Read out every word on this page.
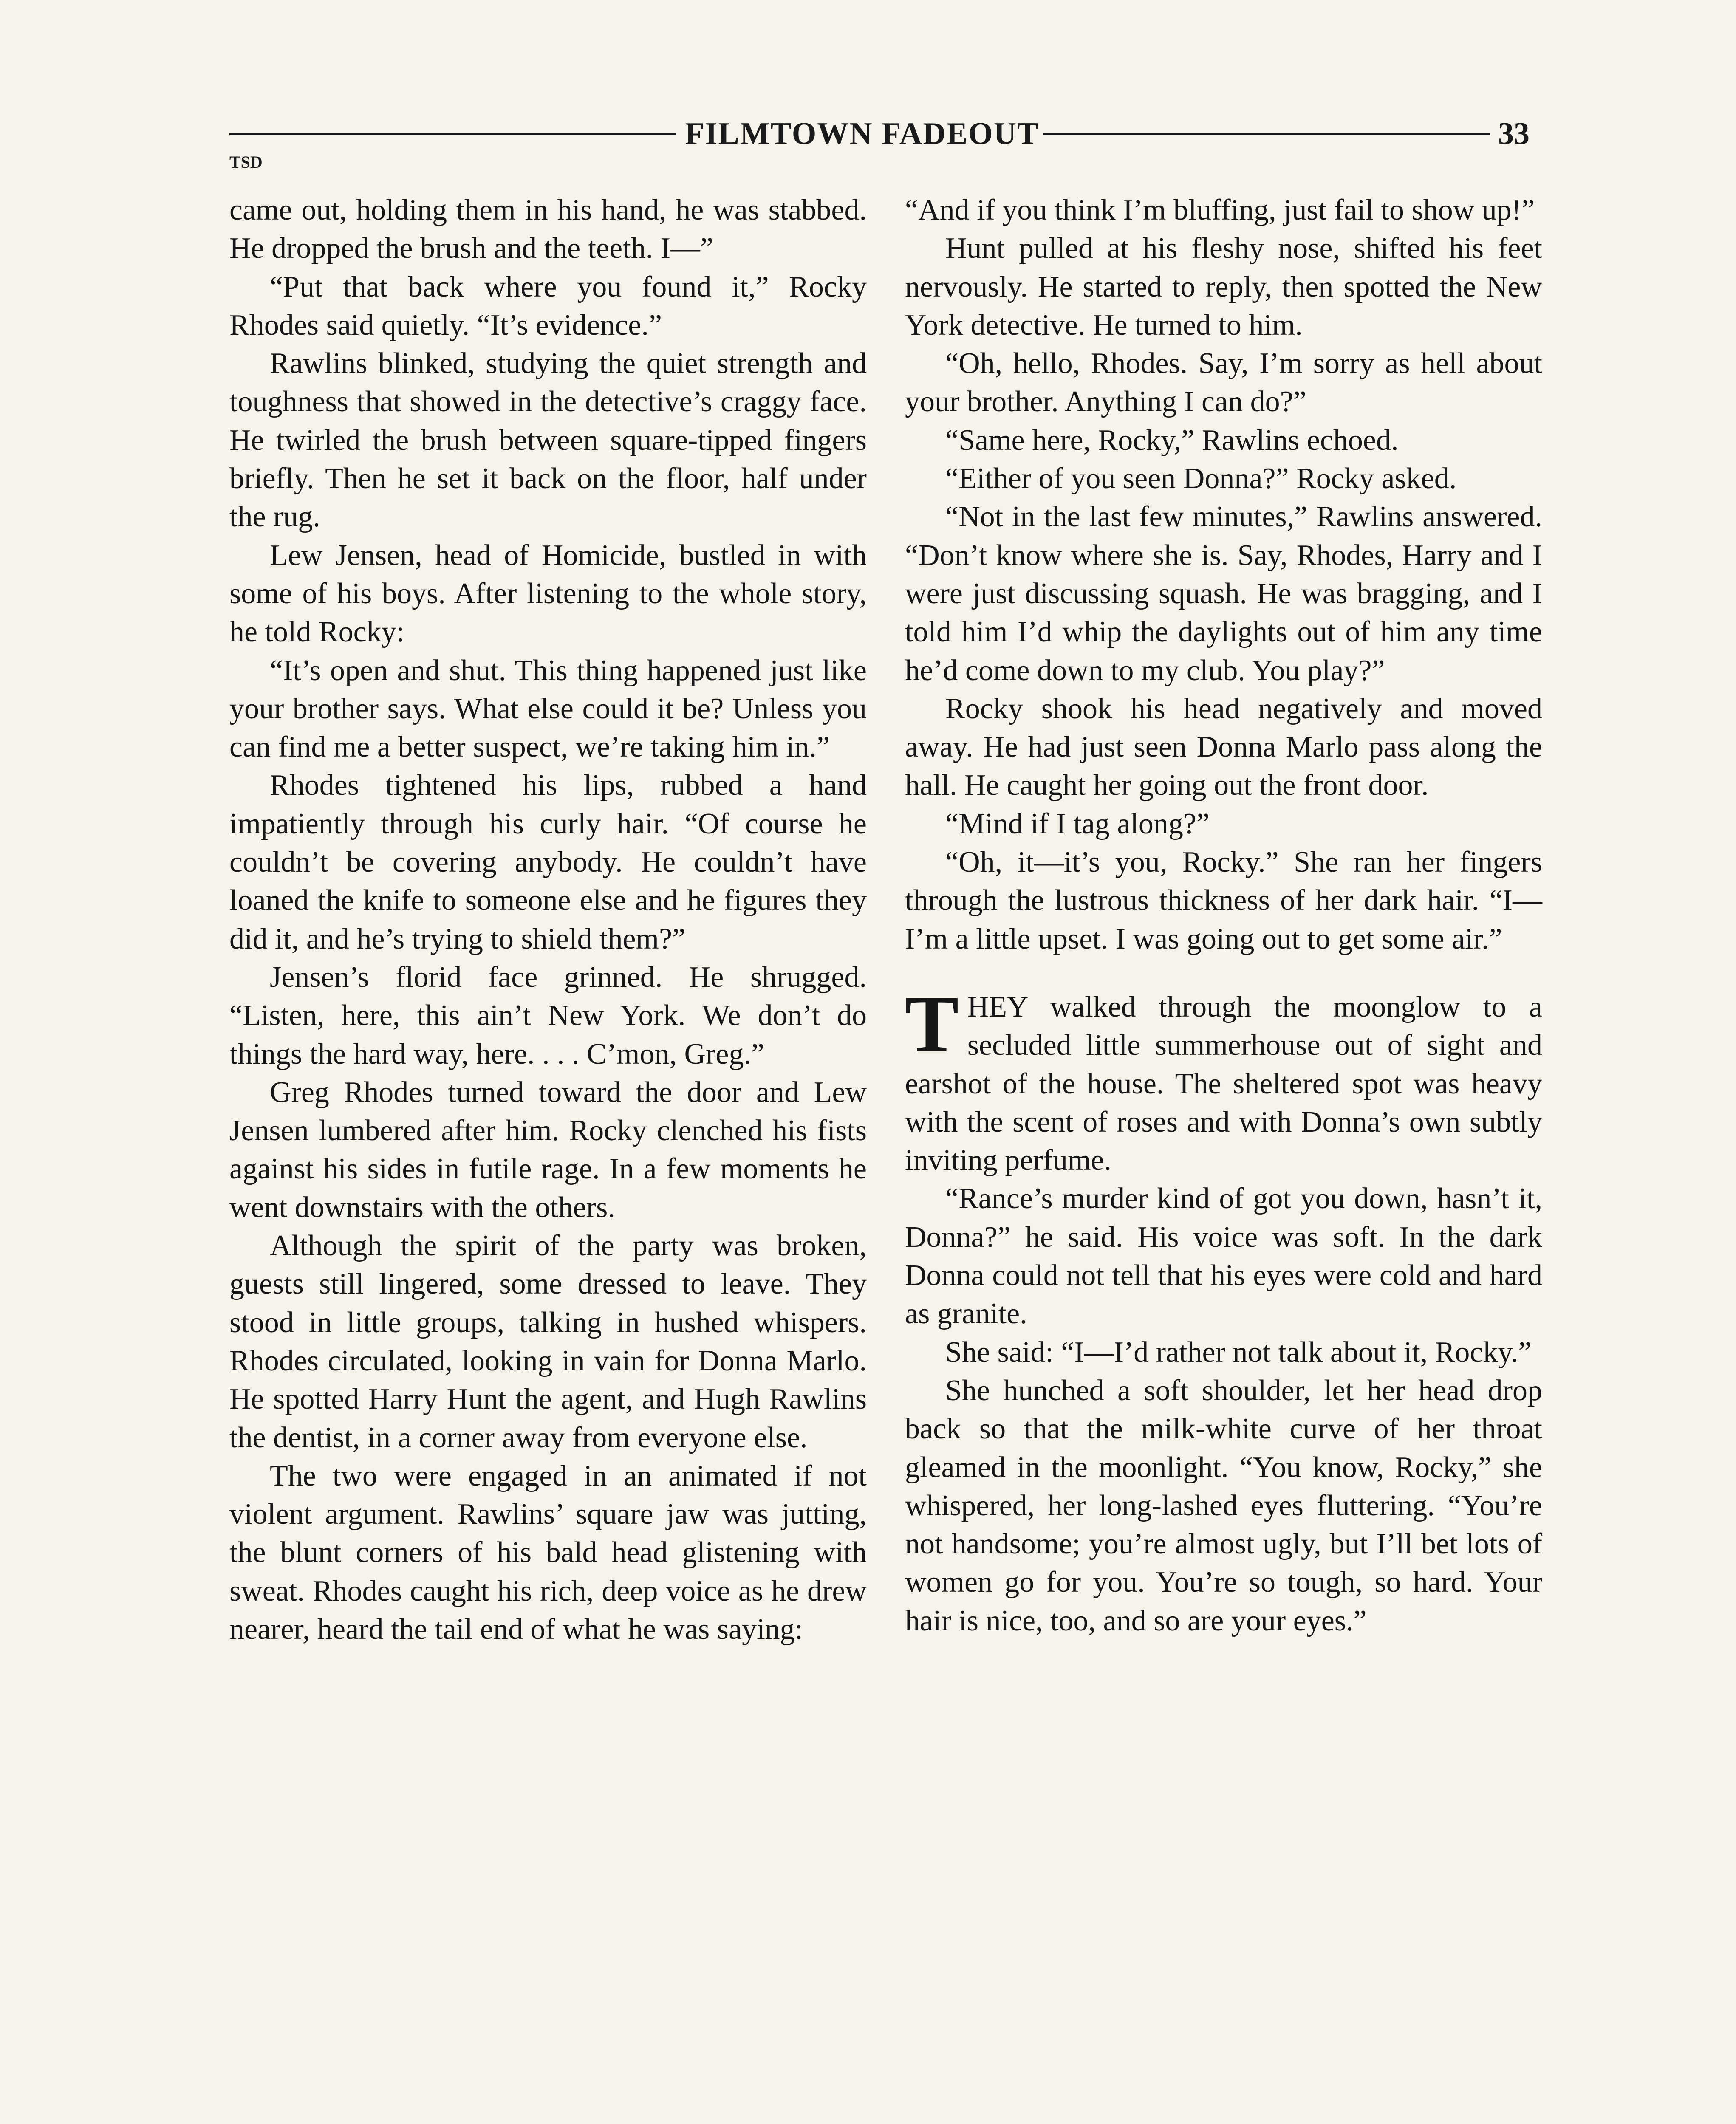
FILMTOWN FADEOUT	33
TSD

came out, holding them in his hand, he was stabbed. He dropped the brush and the teeth. I—”

“Put that back where you found it,” Rocky Rhodes said quietly. “It’s evidence.”

Rawlins blinked, studying the quiet strength and toughness that showed in the detective’s craggy face. He twirled the brush between square-tipped fingers briefly. Then he set it back on the floor, half under the rug.

Lew Jensen, head of Homicide, bustled in with some of his boys. After listening to the whole story, he told Rocky:

“It’s open and shut. This thing happened just like your brother says. What else could it be? Unless you can find me a better suspect, we’re taking him in.”

Rhodes tightened his lips, rubbed a hand impatiently through his curly hair. “Of course he couldn’t be covering anybody. He couldn’t have loaned the knife to someone else and he figures they did it, and he’s trying to shield them?”

Jensen’s florid face grinned. He shrugged. “Listen, here, this ain’t New York. We don’t do things the hard way, here. . . . C’mon, Greg.”

Greg Rhodes turned toward the door and Lew Jensen lumbered after him. Rocky clenched his fists against his sides in futile rage. In a few moments he went downstairs with the others.

Although the spirit of the party was broken, guests still lingered, some dressed to leave. They stood in little groups, talking in hushed whispers. Rhodes circulated, looking in vain for Donna Marlo. He spotted Harry Hunt the agent, and Hugh Rawlins the dentist, in a corner away from everyone else.

The two were engaged in an animated if not violent argument. Rawlins’ square jaw was jutting, the blunt corners of his bald head glistening with sweat. Rhodes caught his rich, deep voice as he drew nearer, heard the tail end of what he was saying:

“And if you think I’m bluffing, just fail to show up!”

Hunt pulled at his fleshy nose, shifted his feet nervously. He started to reply, then spotted the New York detective. He turned to him.

“Oh, hello, Rhodes. Say, I’m sorry as hell about your brother. Anything I can do?”

“Same here, Rocky,” Rawlins echoed.

“Either of you seen Donna?” Rocky asked.

“Not in the last few minutes,” Rawlins answered. “Don’t know where she is. Say, Rhodes, Harry and I were just discussing squash. He was bragging, and I told him I’d whip the daylights out of him any time he’d come down to my club. You play?”

Rocky shook his head negatively and moved away. He had just seen Donna Marlo pass along the hall. He caught her going out the front door.

“Mind if I tag along?”

“Oh, it—it’s you, Rocky.” She ran her fingers through the lustrous thickness of her dark hair. “I—I’m a little upset. I was going out to get some air.”

THEY walked through the moonglow to a secluded little summerhouse out of sight and earshot of the house. The sheltered spot was heavy with the scent of roses and with Donna’s own subtly inviting perfume.

“Rance’s murder kind of got you down, hasn’t it, Donna?” he said. His voice was soft. In the dark Donna could not tell that his eyes were cold and hard as granite.

She said: “I—I’d rather not talk about it, Rocky.”

She hunched a soft shoulder, let her head drop back so that the milk-white curve of her throat gleamed in the moonlight. “You know, Rocky,” she whispered, her long-lashed eyes fluttering. “You’re not handsome; you’re almost ugly, but I’ll bet lots of women go for you. You’re so tough, so hard. Your hair is nice, too, and so are your eyes.”
